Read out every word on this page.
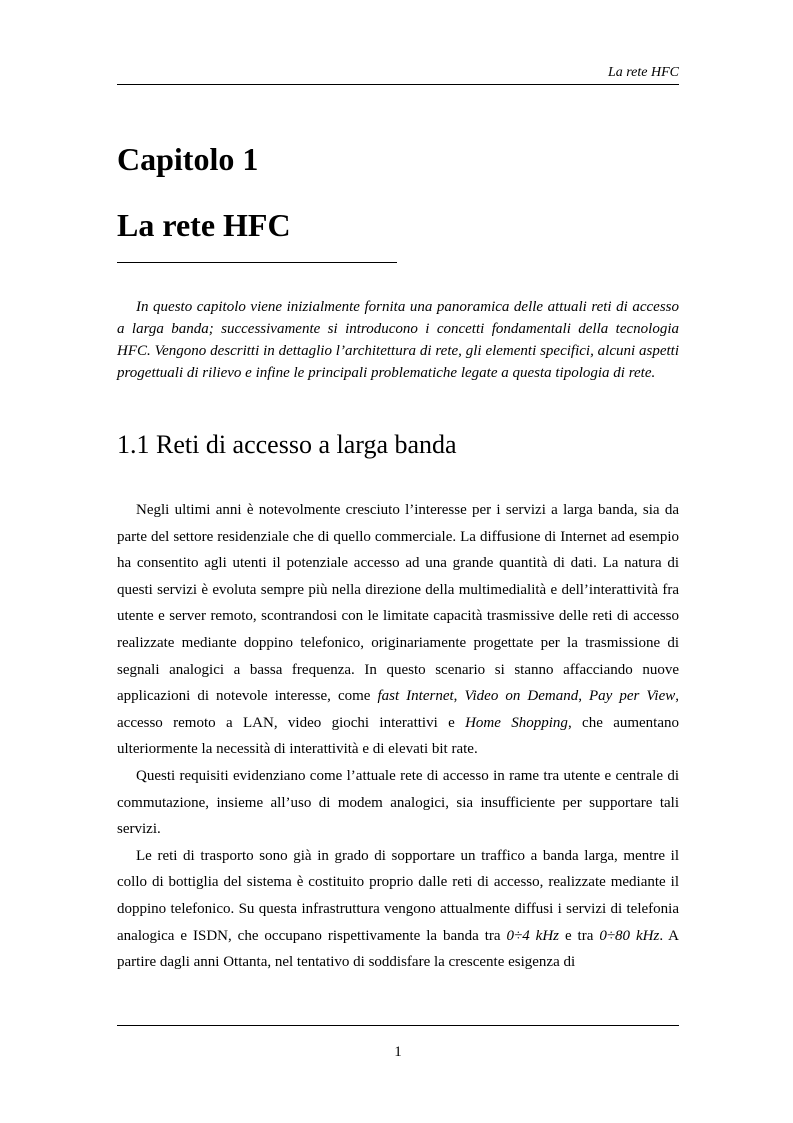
La rete HFC
Capitolo 1
La rete HFC

In questo capitolo viene inizialmente fornita una panoramica delle attuali reti di accesso a larga banda; successivamente si introducono i concetti fondamentali della tecnologia HFC. Vengono descritti in dettaglio l’architettura di rete, gli elementi specifici, alcuni aspetti progettuali di rilievo e infine le principali problematiche legate a questa tipologia di rete.

1.1 Reti di accesso a larga banda

Negli ultimi anni è notevolmente cresciuto l’interesse per i servizi a larga banda, sia da parte del settore residenziale che di quello commerciale. La diffusione di Internet ad esempio ha consentito agli utenti il potenziale accesso ad una grande quantità di dati. La natura di questi servizi è evoluta sempre più nella direzione della multimedialità e dell’interattività fra utente e server remoto, scontrandosi con le limitate capacità trasmissive delle reti di accesso realizzate mediante doppino telefonico, originariamente progettate per la trasmissione di segnali analogici a bassa frequenza. In questo scenario si stanno affacciando nuove applicazioni di notevole interesse, come fast Internet, Video on Demand, Pay per View, accesso remoto a LAN, video giochi interattivi e Home Shopping, che aumentano ulteriormente la necessità di interattività e di elevati bit rate.

Questi requisiti evidenziano come l’attuale rete di accesso in rame tra utente e centrale di commutazione, insieme all’uso di modem analogici, sia insufficiente per supportare tali servizi.

Le reti di trasporto sono già in grado di sopportare un traffico a banda larga, mentre il collo di bottiglia del sistema è costituito proprio dalle reti di accesso, realizzate mediante il doppino telefonico. Su questa infrastruttura vengono attualmente diffusi i servizi di telefonia analogica e ISDN, che occupano rispettivamente la banda tra 0÷4 kHz e tra 0÷80 kHz. A partire dagli anni Ottanta, nel tentativo di soddisfare la crescente esigenza di

1
